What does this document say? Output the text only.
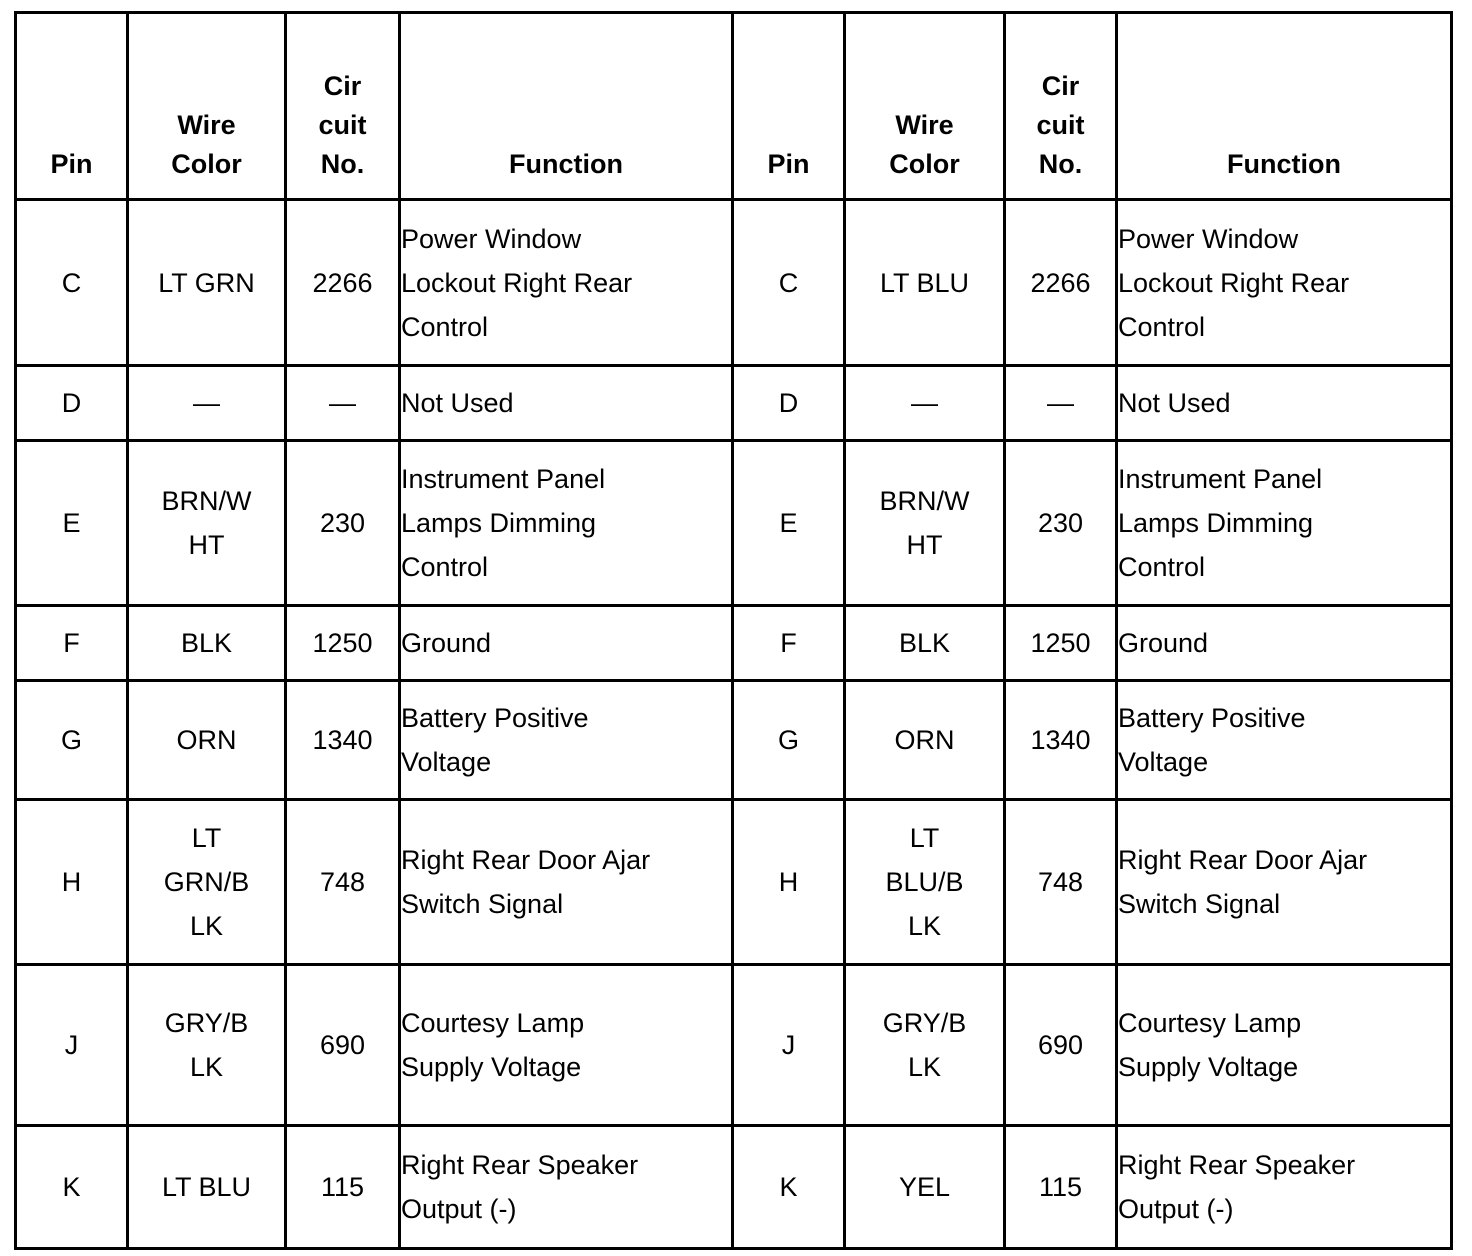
Pin	Wire
Color	Cir
cuit
No.	Function	Pin	Wire
Color	Cir
cuit
No.	Function
C	LT GRN	2266	Power Window
Lockout Right Rear
Control	C	LT BLU	2266	Power Window
Lockout Right Rear
Control

D	—	—	Not Used	D	—	—	Not Used

E	BRN/W
HT	230	Instrument Panel
Lamps Dimming
Control	E	BRN/W
HT	230	Instrument Panel
Lamps Dimming
Control

F	BLK	1250	Ground	F	BLK	1250	Ground

G	ORN	1340	Battery Positive
Voltage	G	ORN	1340	Battery Positive
Voltage

H	LT
GRN/B
LK	748	Right Rear Door Ajar
Switch Signal	H	LT
BLU/B
LK	748	Right Rear Door Ajar
Switch Signal

J	GRY/B
LK	690	Courtesy Lamp
Supply Voltage	J	GRY/B
LK	690	Courtesy Lamp
Supply Voltage

K	LT BLU	115	Right Rear Speaker
Output (-)	K	YEL	115	Right Rear Speaker
Output (-)
